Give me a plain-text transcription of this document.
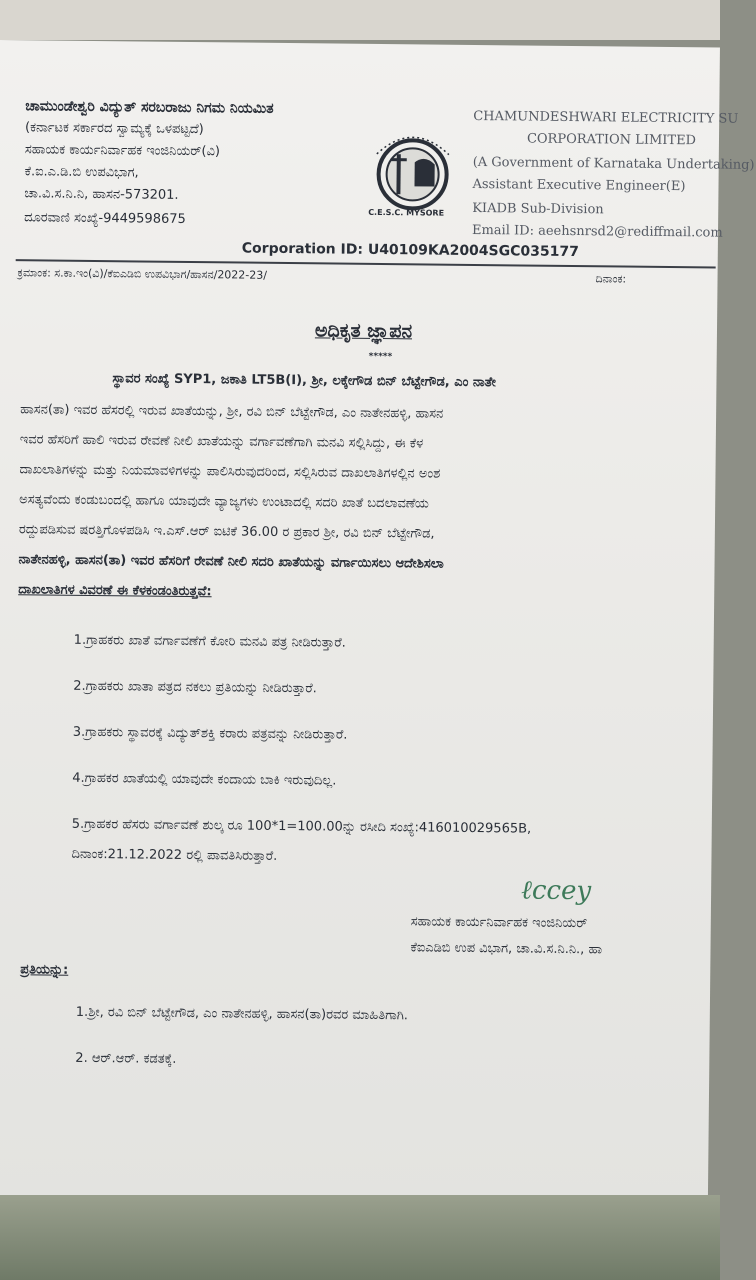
ಚಾಮುಂಡೇಶ್ವರಿ ವಿದ್ಯುತ್ ಸರಬರಾಜು ನಿಗಮ ನಿಯಮಿತ
(ಕರ್ನಾಟಕ ಸರ್ಕಾರದ ಸ್ವಾಮ್ಯಕ್ಕೆ ಒಳಪಟ್ಟದೆ)
ಸಹಾಯಕ ಕಾರ್ಯನಿರ್ವಾಹಕ ಇಂಜಿನಿಯರ್(ವಿ)
ಕೆ.ಐ.ಎ.ಡಿ.ಬಿ ಉಪವಿಭಾಗ,
ಚಾ.ವಿ.ಸ.ನಿ.ನಿ, ಹಾಸನ-573201.
ದೂರವಾಣಿ ಸಂಖ್ಯೆ-9449598675	C.E.S.C. MYSORE
CHAMUNDESHWARI ELECTRICITY SU
CORPORATION LIMITED
(A Government of Karnataka Undertaking)
Assistant Executive Engineer(E)
KIADB Sub-Division
Email ID: aeehsnrsd2@rediffmail.com
Corporation ID: U40109KA2004SGC035177
ಕ್ರಮಾಂಕ: ಸ.ಕಾ.ಇಂ(ವಿ)/ಕೆಐಎಡಿಬಿ ಉಪವಿಭಾಗ/ಹಾಸನ/2022-23/	ದಿನಾಂಕ:
ಅಧಿಕೃತ ಜ್ಞಾಪನ
*****
ಸ್ಥಾವರ ಸಂಖ್ಯೆ SYP1, ಜಕಾತಿ LT5B(I), ಶ್ರೀ, ಲಕ್ಕೇಗೌಡ ಬಿನ್ ಬೆಟ್ಟೇಗೌಡ, ಎಂ ನಾತೇ
ಹಾಸನ(ತಾ) ಇವರ ಹೆಸರಲ್ಲಿ ಇರುವ ಖಾತೆಯನ್ನು, ಶ್ರೀ, ರವಿ ಬಿನ್ ಬೆಟ್ಟೇಗೌಡ, ಎಂ ನಾತೇನಹಳ್ಳಿ, ಹಾಸನ
ಇವರ ಹೆಸರಿಗೆ ಹಾಲಿ ಇರುವ ರೇವಣೆ ನೀಲಿ ಖಾತೆಯನ್ನು ವರ್ಗಾವಣೆಗಾಗಿ ಮನವಿ ಸಲ್ಲಿಸಿದ್ದು, ಈ ಕೆಳ
ದಾಖಲಾತಿಗಳನ್ನು ಮತ್ತು ನಿಯಮಾವಳಿಗಳನ್ನು ಪಾಲಿಸಿರುವುದರಿಂದ, ಸಲ್ಲಿಸಿರುವ ದಾಖಲಾತಿಗಳಲ್ಲಿನ ಅಂಶ
ಅಸತ್ಯವೆಂದು ಕಂಡುಬಂದಲ್ಲಿ ಹಾಗೂ ಯಾವುದೇ ವ್ಯಾಜ್ಯಗಳು ಉಂಟಾದಲ್ಲಿ ಸದರಿ ಖಾತೆ ಬದಲಾವಣೆಯ
ರದ್ದುಪಡಿಸುವ ಷರತ್ತಿಗೊಳಪಡಿಸಿ ಇ.ಎಸ್.ಆರ್ ಐಟಿಕೆ 36.00 ರ ಪ್ರಕಾರ ಶ್ರೀ, ರವಿ ಬಿನ್ ಬೆಟ್ಟೇಗೌಡ,
ನಾತೇನಹಳ್ಳಿ, ಹಾಸನ(ತಾ) ಇವರ ಹೆಸರಿಗೆ ರೇವಣೆ ನೀಲಿ ಸದರಿ ಖಾತೆಯನ್ನು ವರ್ಗಾಯಿಸಲು ಆದೇಶಿಸಲಾ
ದಾಖಲಾತಿಗಳ ವಿವರಣೆ ಈ ಕೆಳಕಂಡಂತಿರುತ್ತವೆ:
1.ಗ್ರಾಹಕರು ಖಾತೆ ವರ್ಗಾವಣೆಗೆ ಕೋರಿ ಮನವಿ ಪತ್ರ ನೀಡಿರುತ್ತಾರೆ.
2.ಗ್ರಾಹಕರು ಖಾತಾ ಪತ್ರದ ನಕಲು ಪ್ರತಿಯನ್ನು ನೀಡಿರುತ್ತಾರೆ.
3.ಗ್ರಾಹಕರು ಸ್ಥಾವರಕ್ಕೆ ವಿದ್ಯುತ್‌ಶಕ್ತಿ ಕರಾರು ಪತ್ರವನ್ನು ನೀಡಿರುತ್ತಾರೆ.
4.ಗ್ರಾಹಕರ ಖಾತೆಯಲ್ಲಿ ಯಾವುದೇ ಕಂದಾಯ ಬಾಕಿ ಇರುವುದಿಲ್ಲ.
5.ಗ್ರಾಹಕರ ಹೆಸರು ವರ್ಗಾವಣೆ ಶುಲ್ಕ ರೂ 100*1=100.00ನ್ನು ರಸೀದಿ ಸಂಖ್ಯೆ:416010029565B,
ದಿನಾಂಕ:21.12.2022 ರಲ್ಲಿ ಪಾವತಿಸಿರುತ್ತಾರೆ.
ℓccey
ಸಹಾಯಕ ಕಾರ್ಯನಿರ್ವಾಹಕ ಇಂಜಿನಿಯರ್
ಕೆಐಎಡಿಬಿ ಉಪ ವಿಭಾಗ, ಚಾ.ವಿ.ಸ.ನಿ.ನಿ., ಹಾ
ಪ್ರತಿಯನ್ನು:
1.ಶ್ರೀ, ರವಿ ಬಿನ್ ಬೆಟ್ಟೇಗೌಡ, ಎಂ ನಾತೇನಹಳ್ಳಿ, ಹಾಸನ(ತಾ)ರವರ ಮಾಹಿತಿಗಾಗಿ.
2. ಆರ್.ಆರ್. ಕಡತಕ್ಕೆ.
